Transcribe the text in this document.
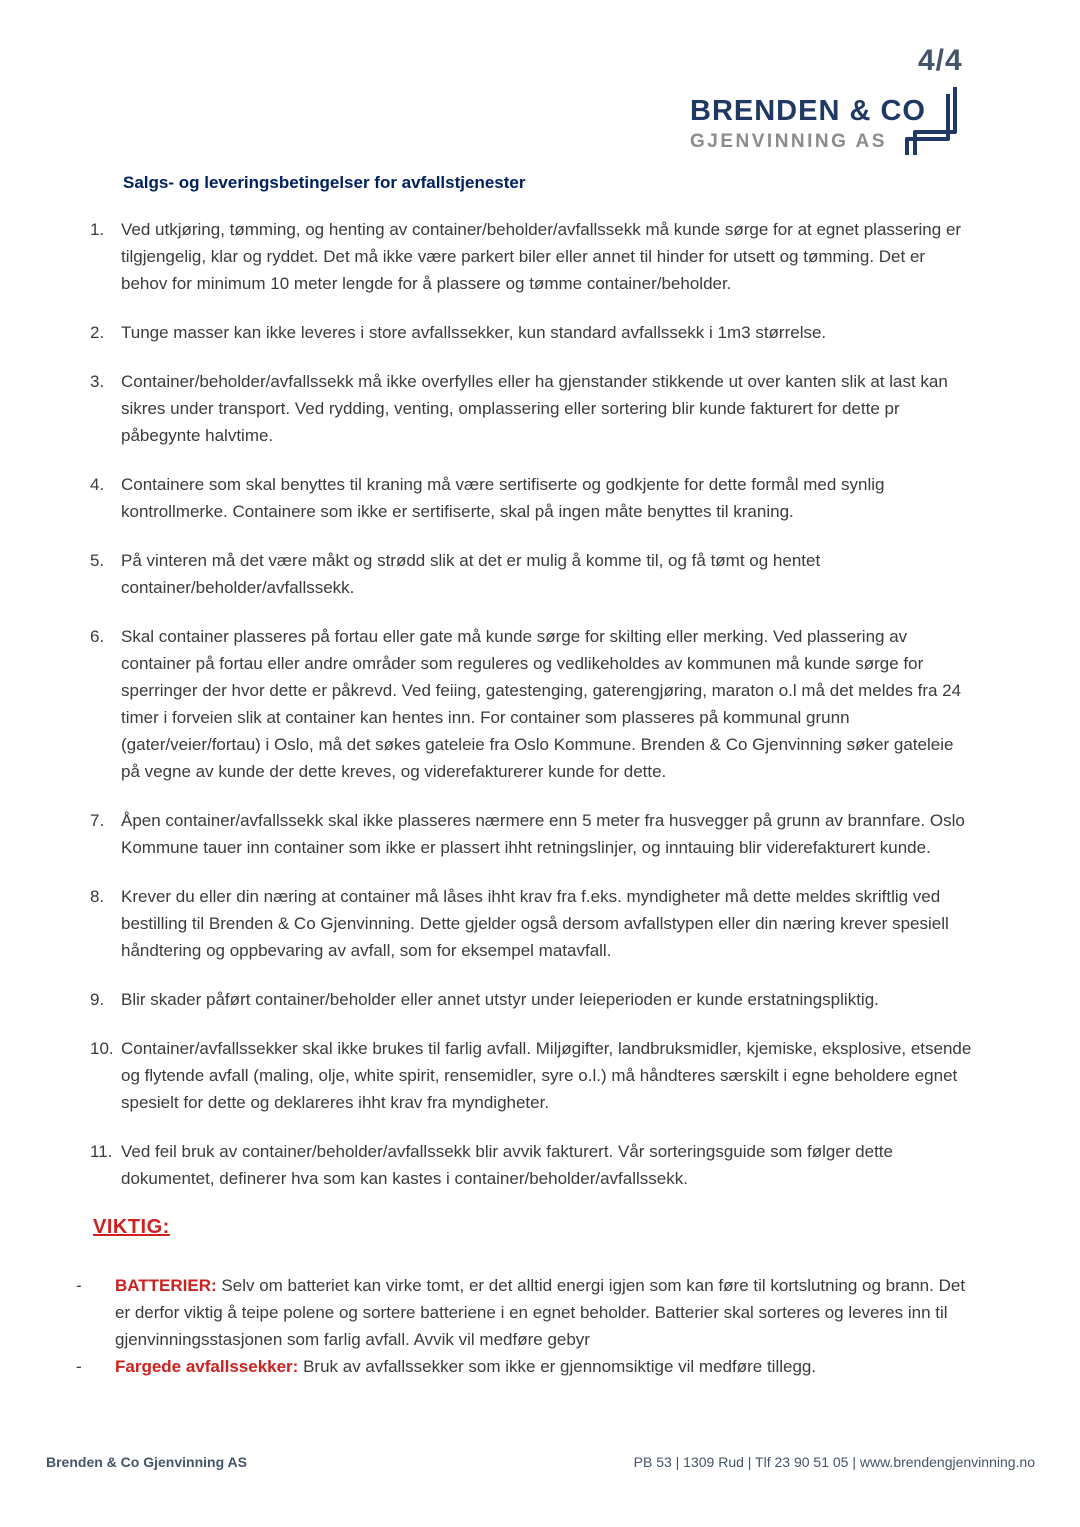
4/4
BRENDEN & CO
GJENVINNING AS
Salgs- og leveringsbetingelser for avfallstjenester
1. Ved utkjøring, tømming, og henting av container/beholder/avfallssekk må kunde sørge for at egnet plassering er tilgjengelig, klar og ryddet. Det må ikke være parkert biler eller annet til hinder for utsett og tømming. Det er behov for minimum 10 meter lengde for å plassere og tømme container/beholder.
2. Tunge masser kan ikke leveres i store avfallssekker, kun standard avfallssekk i 1m3 størrelse.
3. Container/beholder/avfallssekk må ikke overfylles eller ha gjenstander stikkende ut over kanten slik at last kan sikres under transport. Ved rydding, venting, omplassering eller sortering blir kunde fakturert for dette pr påbegynte halvtime.
4. Containere som skal benyttes til kraning må være sertifiserte og godkjente for dette formål med synlig kontrollmerke. Containere som ikke er sertifiserte, skal på ingen måte benyttes til kraning.
5. På vinteren må det være måkt og strødd slik at det er mulig å komme til, og få tømt og hentet container/beholder/avfallssekk.
6. Skal container plasseres på fortau eller gate må kunde sørge for skilting eller merking. Ved plassering av container på fortau eller andre områder som reguleres og vedlikeholdes av kommunen må kunde sørge for sperringer der hvor dette er påkrevd. Ved feiing, gatestenging, gaterengjøring, maraton o.l må det meldes fra 24 timer i forveien slik at container kan hentes inn. For container som plasseres på kommunal grunn (gater/veier/fortau) i Oslo, må det søkes gateleie fra Oslo Kommune. Brenden & Co Gjenvinning søker gateleie på vegne av kunde der dette kreves, og viderefakturerer kunde for dette.
7. Åpen container/avfallssekk skal ikke plasseres nærmere enn 5 meter fra husvegger på grunn av brannfare. Oslo Kommune tauer inn container som ikke er plassert ihht retningslinjer, og inntauing blir viderefakturert kunde.
8. Krever du eller din næring at container må låses ihht krav fra f.eks. myndigheter må dette meldes skriftlig ved bestilling til Brenden & Co Gjenvinning. Dette gjelder også dersom avfallstypen eller din næring krever spesiell håndtering og oppbevaring av avfall, som for eksempel matavfall.
9. Blir skader påført container/beholder eller annet utstyr under leieperioden er kunde erstatningspliktig.
10. Container/avfallssekker skal ikke brukes til farlig avfall. Miljøgifter, landbruksmidler, kjemiske, eksplosive, etsende og flytende avfall (maling, olje, white spirit, rensemidler, syre o.l.) må håndteres særskilt i egne beholdere egnet spesielt for dette og deklareres ihht krav fra myndigheter.
11. Ved feil bruk av container/beholder/avfallssekk blir avvik fakturert. Vår sorteringsguide som følger dette dokumentet, definerer hva som kan kastes i container/beholder/avfallssekk.
VIKTIG:
-	BATTERIER: Selv om batteriet kan virke tomt, er det alltid energi igjen som kan føre til kortslutning og brann. Det er derfor viktig å teipe polene og sortere batteriene i en egnet beholder. Batterier skal sorteres og leveres inn til gjenvinningsstasjonen som farlig avfall. Avvik vil medføre gebyr
-	Fargede avfallssekker: Bruk av avfallssekker som ikke er gjennomsiktige vil medføre tillegg.
Brenden & Co Gjenvinning AS	PB 53 | 1309 Rud | Tlf 23 90 51 05 | www.brendengjenvinning.no
